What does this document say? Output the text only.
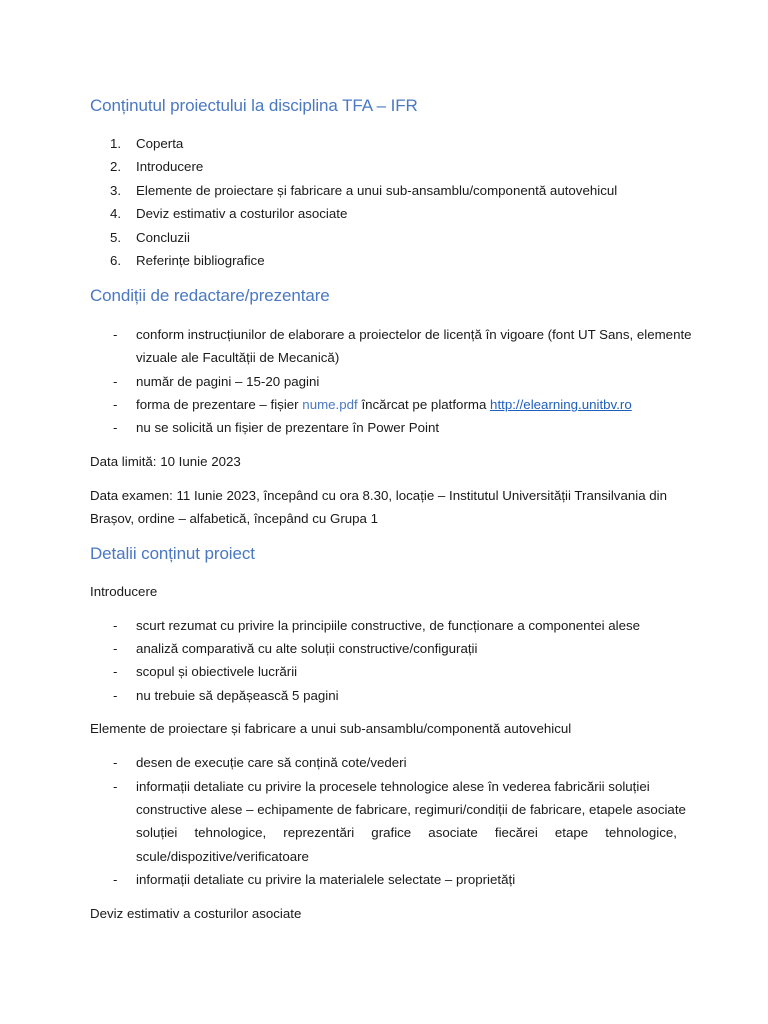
Conținutul proiectului la disciplina TFA – IFR
1. Coperta
2. Introducere
3. Elemente de proiectare și fabricare a unui sub-ansamblu/componentă autovehicul
4. Deviz estimativ a costurilor asociate
5. Concluzii
6. Referințe bibliografice
Condiții de redactare/prezentare
- conform instrucțiunilor de elaborare a proiectelor de licență în vigoare (font UT Sans, elemente
vizuale ale Facultății de Mecanică)
- număr de pagini – 15-20 pagini
- forma de prezentare – fișier nume.pdf încărcat pe platforma http://elearning.unitbv.ro
- nu se solicită un fișier de prezentare în Power Point
Data limită: 10 Iunie 2023
Data examen: 11 Iunie 2023, începând cu ora 8.30, locație – Institutul Universității Transilvania din
Brașov, ordine – alfabetică, începând cu Grupa 1
Detalii conținut proiect
Introducere
- scurt rezumat cu privire la principiile constructive, de funcționare a componentei alese
- analiză comparativă cu alte soluții constructive/configurații
- scopul și obiectivele lucrării
- nu trebuie să depășească 5 pagini
Elemente de proiectare și fabricare a unui sub-ansamblu/componentă autovehicul
- desen de execuție care să conțină cote/vederi
- informații detaliate cu privire la procesele tehnologice alese în vederea fabricării soluției
constructive alese – echipamente de fabricare, regimuri/condiții de fabricare, etapele asociate
soluției tehnologice, reprezentări grafice asociate fiecărei etape tehnologice,
scule/dispozitive/verificatoare
- informații detaliate cu privire la materialele selectate – proprietăți
Deviz estimativ a costurilor asociate
